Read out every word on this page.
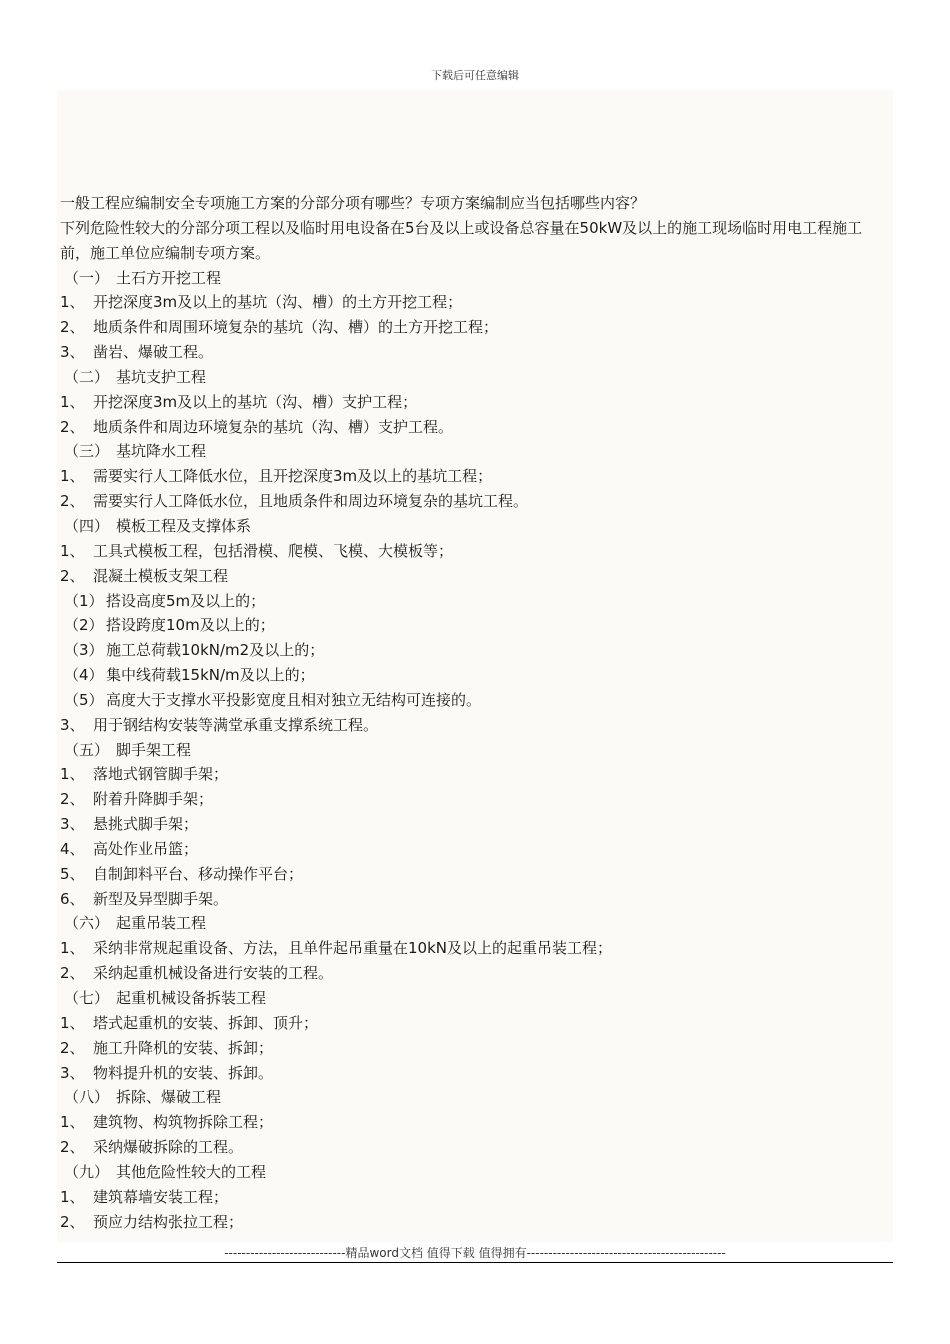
下载后可任意编辑
一般工程应编制安全专项施工方案的分部分项有哪些？专项方案编制应当包括哪些内容？
下列危险性较大的分部分项工程以及临时用电设备在5台及以上或设备总容量在50kW及以上的施工现场临时用电工程施工前，施工单位应编制专项方案。
（一） 土石方开挖工程
1、 开挖深度3m及以上的基坑（沟、槽）的土方开挖工程；
2、 地质条件和周围环境复杂的基坑（沟、槽）的土方开挖工程；
3、 凿岩、爆破工程。
（二） 基坑支护工程
1、 开挖深度3m及以上的基坑（沟、槽）支护工程；
2、 地质条件和周边环境复杂的基坑（沟、槽）支护工程。
（三） 基坑降水工程
1、 需要实行人工降低水位，且开挖深度3m及以上的基坑工程；
2、 需要实行人工降低水位，且地质条件和周边环境复杂的基坑工程。
（四） 模板工程及支撑体系
1、 工具式模板工程，包括滑模、爬模、飞模、大模板等；
2、 混凝土模板支架工程
（1） 搭设高度5m及以上的；
（2） 搭设跨度10m及以上的；
（3） 施工总荷载10kN/m2及以上的；
（4） 集中线荷载15kN/m及以上的；
（5） 高度大于支撑水平投影宽度且相对独立无结构可连接的。
3、 用于钢结构安装等满堂承重支撑系统工程。
（五） 脚手架工程
1、 落地式钢管脚手架；
2、 附着升降脚手架；
3、 悬挑式脚手架；
4、 高处作业吊篮；
5、 自制卸料平台、移动操作平台；
6、 新型及异型脚手架。
（六） 起重吊装工程
1、 采纳非常规起重设备、方法，且单件起吊重量在10kN及以上的起重吊装工程；
2、 采纳起重机械设备进行安装的工程。
（七） 起重机械设备拆装工程
1、 塔式起重机的安装、拆卸、顶升；
2、 施工升降机的安装、拆卸；
3、 物料提升机的安装、拆卸。
（八） 拆除、爆破工程
1、 建筑物、构筑物拆除工程；
2、 采纳爆破拆除的工程。
（九） 其他危险性较大的工程
1、 建筑幕墙安装工程；
2、 预应力结构张拉工程；
----------------------------精品word文档 值得下载 值得拥有----------------------------------------------
